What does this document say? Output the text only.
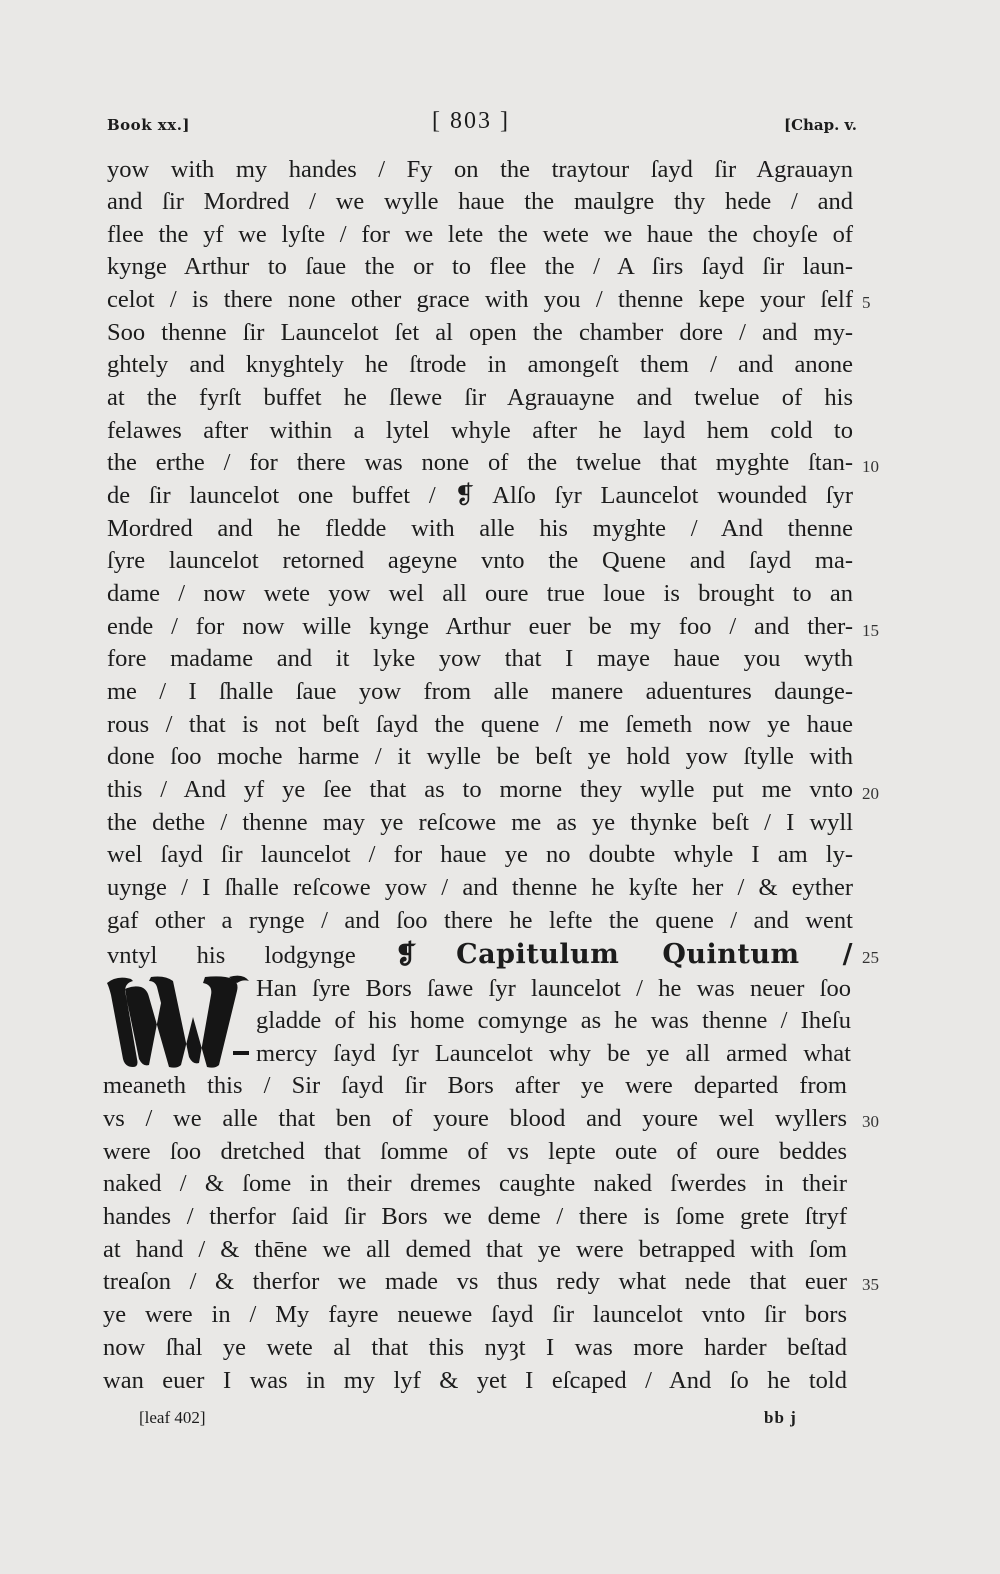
Book xx.]	[ 803 ]	[Chap. v.
yow with my handes / Fy on the traytour ſayd ſir Agrauayn
and ſir Mordred / we wylle haue the maulgre thy hede / and
flee the yf we lyſte / for we lete the wete we haue the choyſe of
kynge Arthur to ſaue the or to flee the / A ſirs ſayd ſir laun-
celot / is there none other grace with you / thenne kepe your ſelf
Soo thenne ſir Launcelot ſet al open the chamber dore / and my-
ghtely and knyghtely he ſtrode in amongeſt them / and anone
at the fyrſt buffet he ſlewe ſir Agrauayne and twelue of his
felawes after within a lytel whyle after he layd hem cold to
the erthe / for there was none of the twelue that myghte ſtan-
de ſir launcelot one buffet / ❡ Alſo ſyr Launcelot wounded ſyr
Mordred and he fledde with alle his myghte / And thenne
ſyre launcelot retorned ageyne vnto the Quene and ſayd ma-
dame / now wete yow wel all oure true loue is brought to an
ende / for now wille kynge Arthur euer be my foo / and ther-
fore madame and it lyke yow that I maye haue you wyth
me / I ſhalle ſaue yow from alle manere aduentures daunge-
rous / that is not beſt ſayd the quene / me ſemeth now ye haue
done ſoo moche harme / it wylle be beſt ye hold yow ſtylle with
this / And yf ye ſee that as to morne they wylle put me vnto
the dethe / thenne may ye reſcowe me as ye thynke beſt / I wyll
wel ſayd ſir launcelot / for haue ye no doubte whyle I am ly-
uynge / I ſhalle reſcowe yow / and thenne he kyſte her / & eyther
gaf other a rynge / and ſoo there he lefte the quene / and went
vntyl his lodgynge ❡ Capitulum Quintum /
Han ſyre Bors ſawe ſyr launcelot / he was neuer ſoo
gladde of his home comynge as he was thenne / Iheſu
mercy ſayd ſyr Launcelot why be ye all armed what
meaneth this / Sir ſayd ſir Bors after ye were departed from
vs / we alle that ben of youre blood and youre wel wyllers
were ſoo dretched that ſomme of vs lepte oute of oure beddes
naked / & ſome in their dremes caughte naked ſwerdes in their
handes / therfor ſaid ſir Bors we deme / there is ſome grete ſtryf
at hand / & thēne we all demed that ye were betrapped with ſom
treaſon / & therfor we made vs thus redy what nede that euer
ye were in / My fayre neuewe ſayd ſir launcelot vnto ſir bors
now ſhal ye wete al that this nyȝt I was more harder beſtad
wan euer I was in my lyf & yet I eſcaped / And ſo he told
5
10
15
20
25
30
35
[leaf 402]	bb j
